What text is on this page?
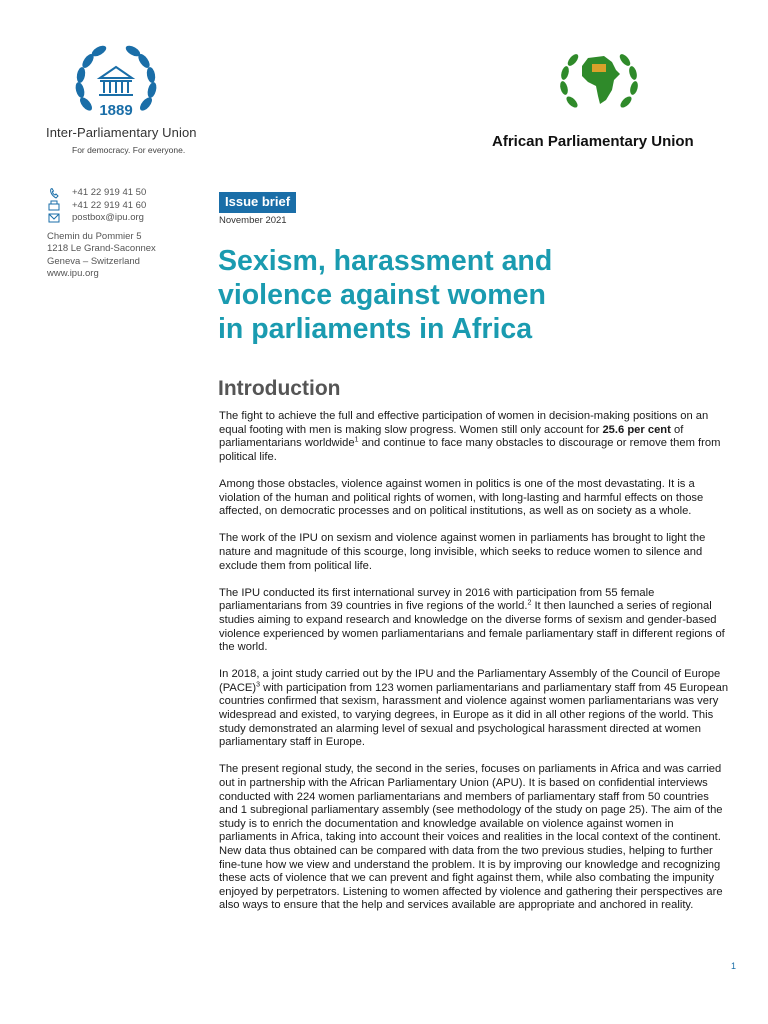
1889
Inter-Parliamentary Union
For democracy. For everyone.	African Parliamentary Union
+41 22 919 41 50
+41 22 919 41 60
postbox@ipu.org
Chemin du Pommier 5
1218 Le Grand-Saconnex
Geneva – Switzerland
www.ipu.org
Issue brief
November 2021
Sexism, harassment and
violence against women
in parliaments in Africa
Introduction

The fight to achieve the full and effective participation of women in decision-making positions on an equal footing with men is making slow progress. Women still only account for 25.6 per cent of parliamentarians worldwide$^1$ and continue to face many obstacles to discourage or remove them from political life.

Among those obstacles, violence against women in politics is one of the most devastating. It is a violation of the human and political rights of women, with long-lasting and harmful effects on those affected, on democratic processes and on political institutions, as well as on society as a whole.

The work of the IPU on sexism and violence against women in parliaments has brought to light the nature and magnitude of this scourge, long invisible, which seeks to reduce women to silence and exclude them from political life.

The IPU conducted its first international survey in 2016 with participation from 55 female parliamentarians from 39 countries in five regions of the world.$^2$ It then launched a series of regional studies aiming to expand research and knowledge on the diverse forms of sexism and gender-based violence experienced by women parliamentarians and female parliamentary staff in different regions of the world.

In 2018, a joint study carried out by the IPU and the Parliamentary Assembly of the Council of Europe (PACE)$^3$ with participation from 123 women parliamentarians and parliamentary staff from 45 European countries confirmed that sexism, harassment and violence against women parliamentarians was very widespread and existed, to varying degrees, in Europe as it did in all other regions of the world. This study demonstrated an alarming level of sexual and psychological harassment directed at women parliamentary staff in Europe.

The present regional study, the second in the series, focuses on parliaments in Africa and was carried out in partnership with the African Parliamentary Union (APU). It is based on confidential interviews conducted with 224 women parliamentarians and members of parliamentary staff from 50 countries and 1 subregional parliamentary assembly (see methodology of the study on page 25). The aim of the study is to enrich the documentation and knowledge available on violence against women in parliaments in Africa, taking into account their voices and realities in the local context of the continent. New data thus obtained can be compared with data from the two previous studies, helping to further fine-tune how we view and understand the problem. It is by improving our knowledge and recognizing these acts of violence that we can prevent and fight against them, while also combating the impunity enjoyed by perpetrators. Listening to women affected by violence and gathering their perspectives are also ways to ensure that the help and services available are appropriate and anchored in reality.

1
